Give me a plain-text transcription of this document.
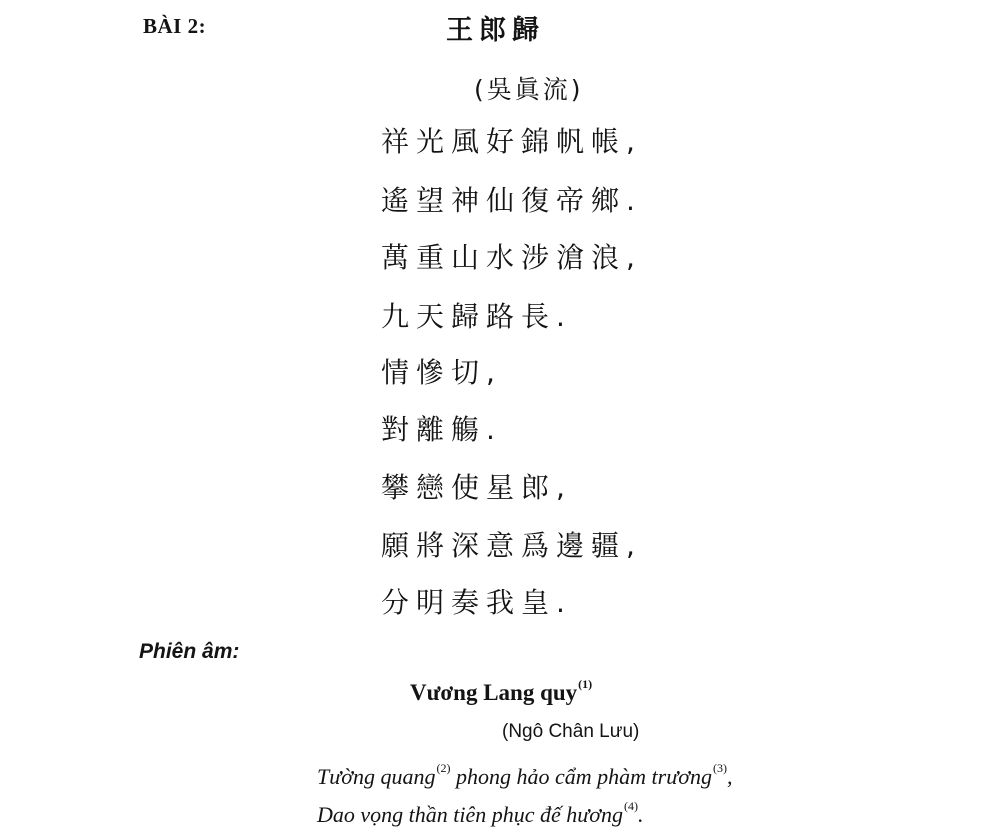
BÀI 2:	王郎歸
(吳眞流)
祥光風好錦帆帳,
遙望神仙復帝鄉.
萬重山水涉滄浪,
九天歸路長.
情慘切,
對離觴.
攀戀使星郎,
願將深意爲邊疆,
分明奏我皇.
Phiên âm:
Vương Lang quy$^{(1)}$
(Ngô Chân Lưu)
Tường quang$^{(2)}$ phong hảo cẩm phàm trương$^{(3)}$,
Dao vọng thần tiên phục đế hương$^{(4)}$.
